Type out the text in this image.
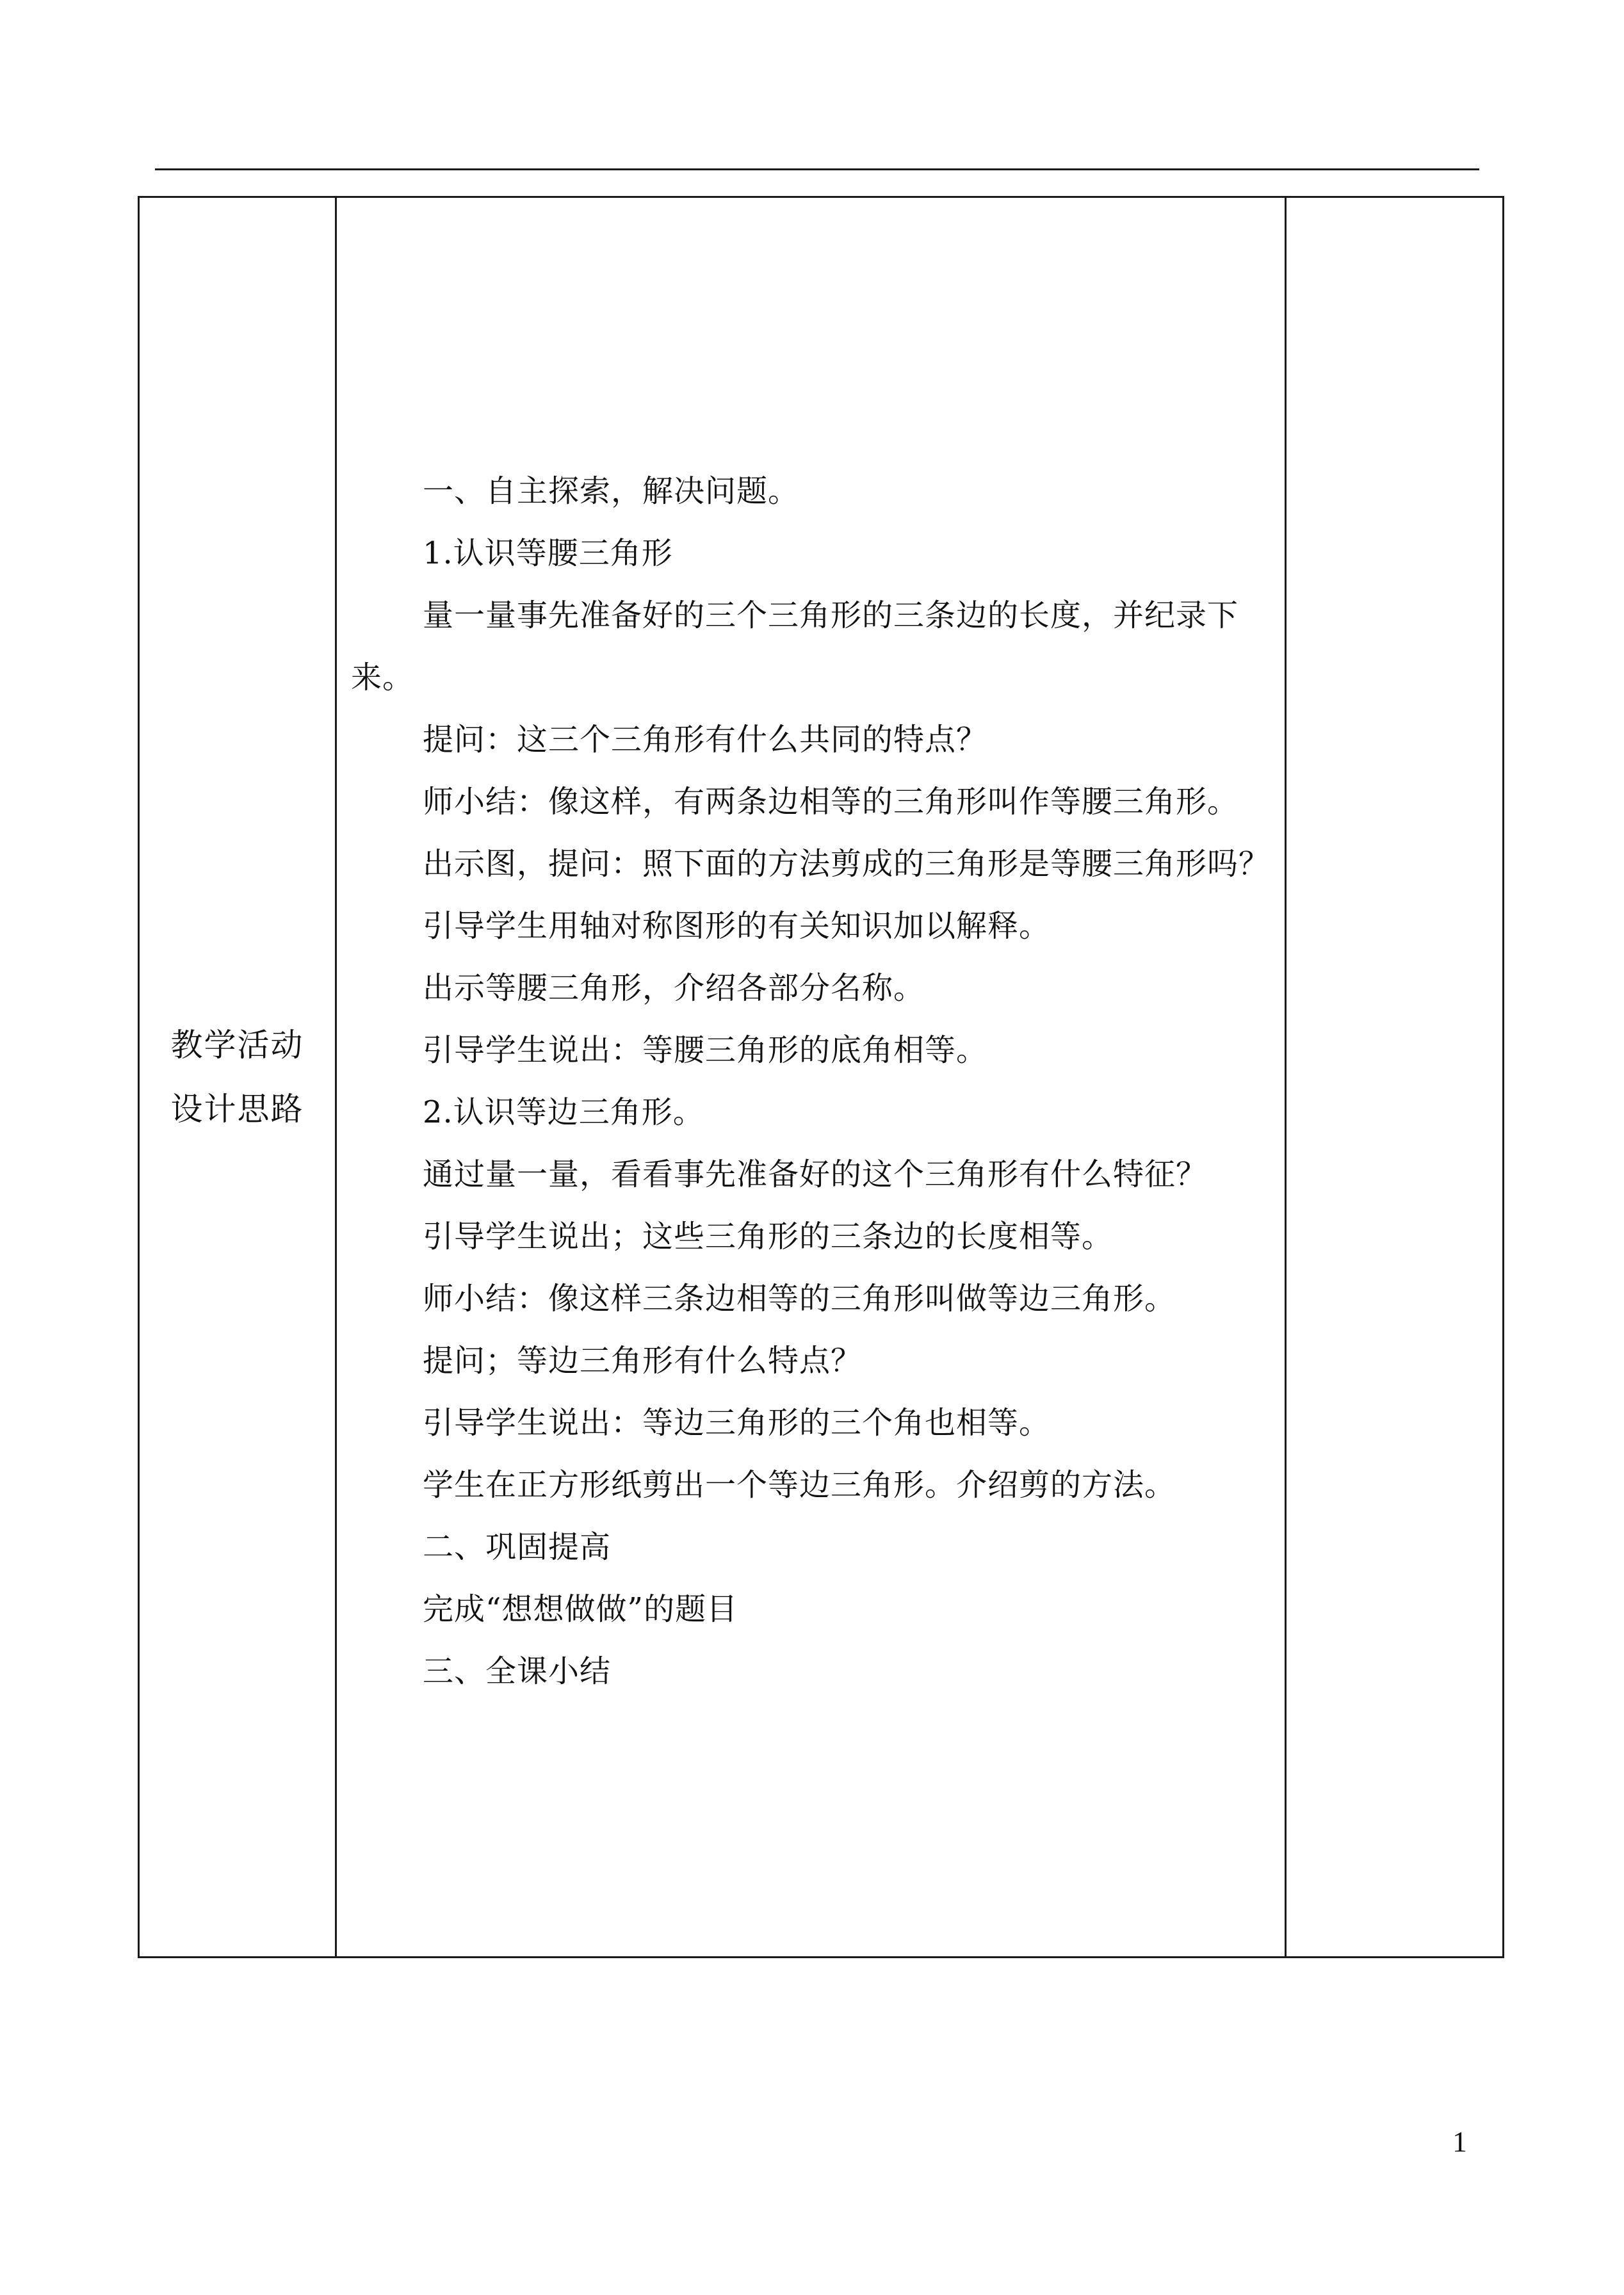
教学活动
设计思路

一、自主探索，解决问题。

1.认识等腰三角形

量一量事先准备好的三个三角形的三条边的长度，并纪录下来。

提问：这三个三角形有什么共同的特点？

师小结：像这样，有两条边相等的三角形叫作等腰三角形。

出示图，提问：照下面的方法剪成的三角形是等腰三角形吗？

引导学生用轴对称图形的有关知识加以解释。

出示等腰三角形，介绍各部分名称。

引导学生说出：等腰三角形的底角相等。

2.认识等边三角形。

通过量一量，看看事先准备好的这个三角形有什么特征？

引导学生说出；这些三角形的三条边的长度相等。

师小结：像这样三条边相等的三角形叫做等边三角形。

提问；等边三角形有什么特点？

引导学生说出：等边三角形的三个角也相等。

学生在正方形纸剪出一个等边三角形。介绍剪的方法。

二、巩固提高

完成“想想做做”的题目

三、全课小结

1
